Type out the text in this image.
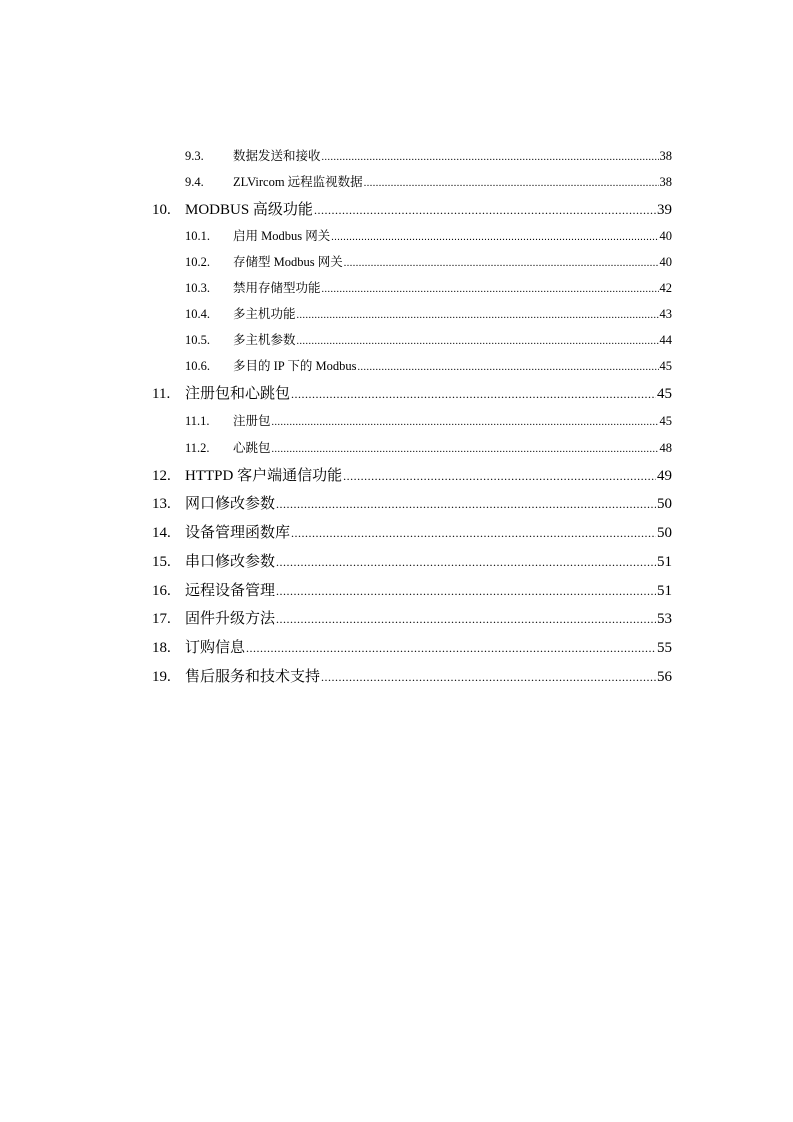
9.3.	数据发送和接收 .....	38
9.4.	ZLVircom 远程监视数据 .....	38
10. MODBUS 高级功能 .....	39
10.1.	启用 Modbus 网关 .....	40
10.2.	存储型 Modbus 网关 .....	40
10.3.	禁用存储型功能 .....	42
10.4.	多主机功能 .....	43
10.5.	多主机参数 .....	44
10.6.	多目的 IP 下的 Modbus .....	45
11. 注册包和心跳包 .....	45
11.1.	注册包 .....	45
11.2.	心跳包 .....	48
12. HTTPD 客户端通信功能 .....	49
13. 网口修改参数 .....	50
14. 设备管理函数库 .....	50
15. 串口修改参数 .....	51
16. 远程设备管理 .....	51
17. 固件升级方法 .....	53
18. 订购信息 .....	55
19. 售后服务和技术支持 .....	56
